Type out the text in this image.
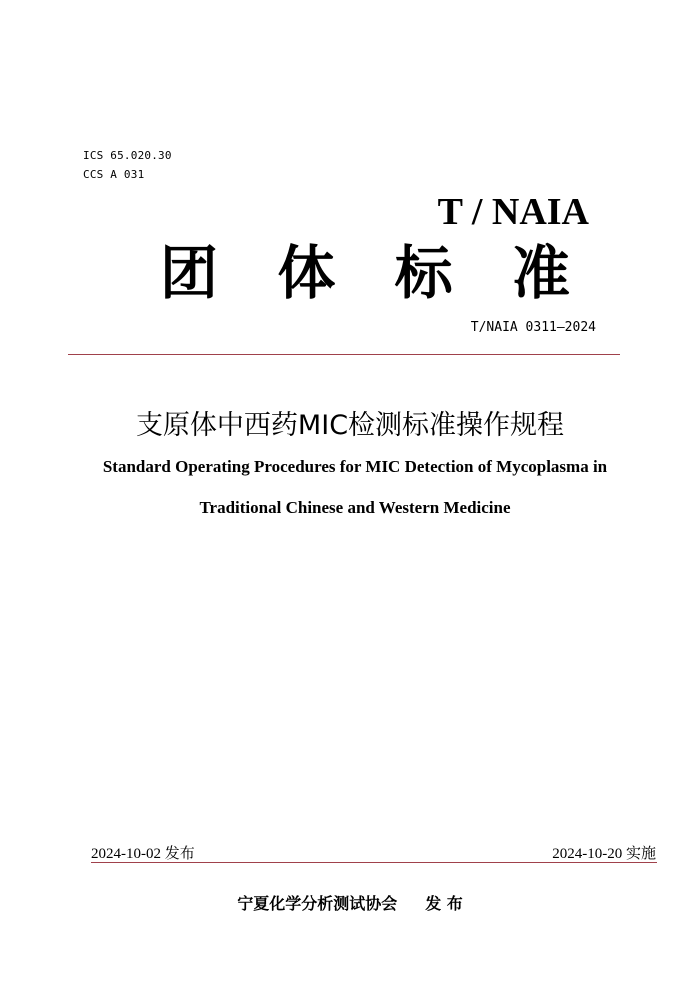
ICS 65.020.30
CCS A 031
T / NAIA
团 体 标 准
T/NAIA 0311—2024
支原体中西药MIC检测标准操作规程
Standard Operating Procedures for MIC Detection of Mycoplasma in
Traditional Chinese and Western Medicine
2024-10-02 发布	2024-10-20 实施
宁夏化学分析测试协会 发 布
